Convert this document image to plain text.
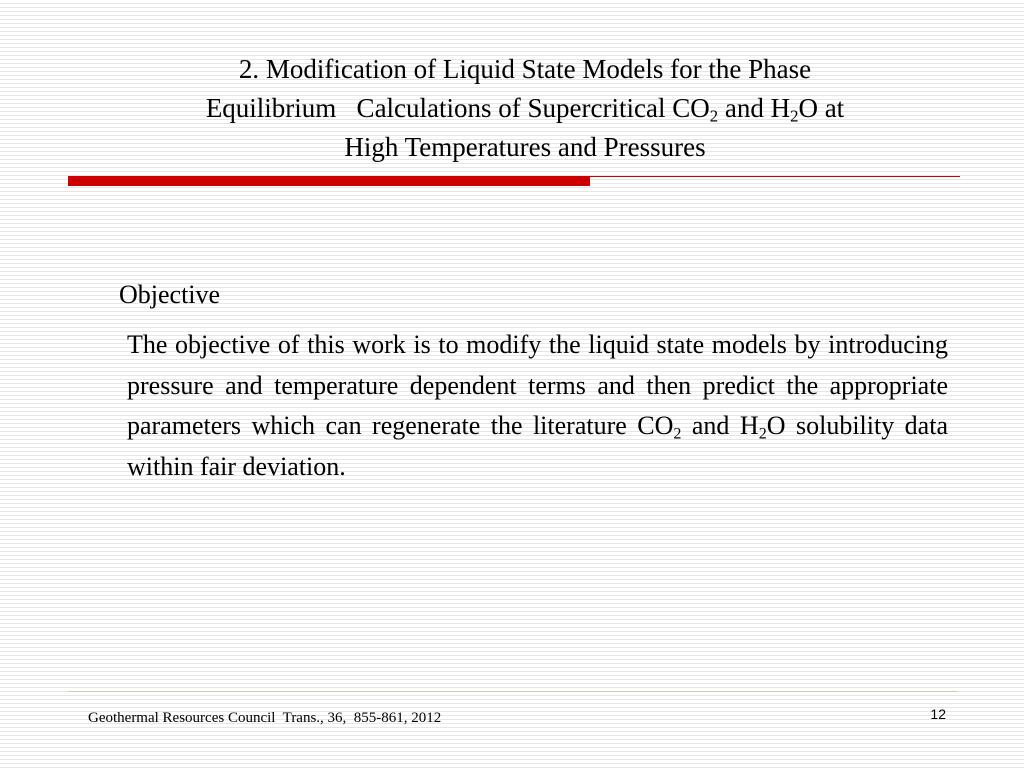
2. Modification of Liquid State Models for the Phase
Equilibrium   Calculations of Supercritical $CO_2$ and $H_2O$ at
High Temperatures and Pressures
Objective

The objective of this work is to modify the liquid state models by introducing pressure and temperature dependent terms and then predict the appropriate parameters which can regenerate the literature $CO_2$ and $H_2O$ solubility data within fair deviation.

Geothermal Resources Council  Trans., 36,  855-861, 2012	12
